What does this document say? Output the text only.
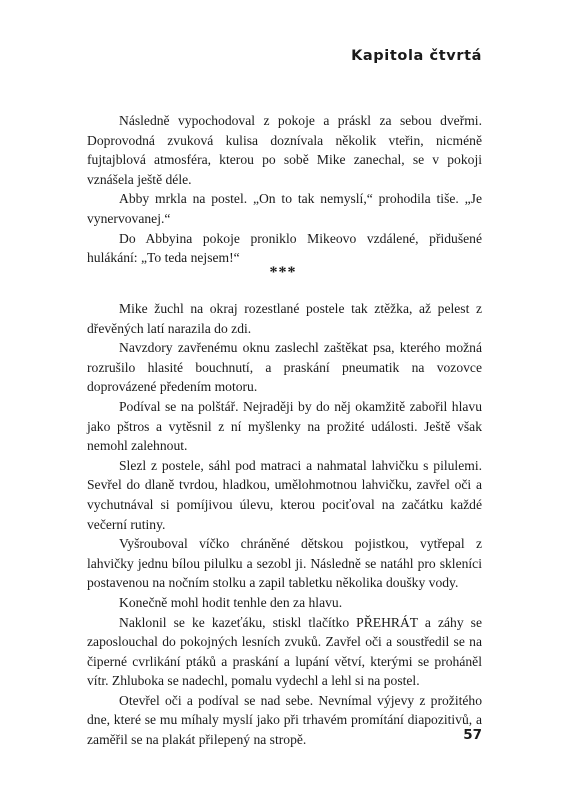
Kapitola čtvrtá

Následně vypochodoval z pokoje a práskl za sebou dveřmi. Doprovodná zvuková kulisa doznívala několik vteřin, nicméně fujtajblová atmosféra, kterou po sobě Mike zanechal, se v pokoji vznášela ještě déle.

Abby mrkla na postel. „On to tak nemyslí,“ prohodila tiše. „Je vynervovanej.“

Do Abbyina pokoje proniklo Mikeovo vzdálené, přidušené hulákání: „To teda nejsem!“

***

Mike žuchl na okraj rozestlané postele tak ztěžka, až pelest z dřevěných latí narazila do zdi.

Navzdory zavřenému oknu zaslechl zaštěkat psa, kterého možná rozrušilo hlasité bouchnutí, a praskání pneumatik na vozovce doprovázené předením motoru.

Podíval se na polštář. Nejraději by do něj okamžitě zabořil hlavu jako pštros a vytěsnil z ní myšlenky na prožité události. Ještě však nemohl zalehnout.

Slezl z postele, sáhl pod matraci a nahmatal lahvičku s pilulemi. Sevřel do dlaně tvrdou, hladkou, umělohmotnou lahvičku, zavřel oči a vychutnával si pomíjivou úlevu, kterou pociťoval na začátku každé večerní rutiny.

Vyšrouboval víčko chráněné dětskou pojistkou, vytřepal z lahvičky jednu bílou pilulku a sezobl ji. Následně se natáhl pro skleníci postavenou na nočním stolku a zapil tabletku několika doušky vody.

Konečně mohl hodit tenhle den za hlavu.

Naklonil se ke kazeťáku, stiskl tlačítko PŘEHRÁT a záhy se zaposlouchal do pokojných lesních zvuků. Zavřel oči a soustředil se na čiperné cvrlikání ptáků a praskání a lupání větví, kterými se proháněl vítr. Zhluboka se nadechl, pomalu vydechl a lehl si na postel.

Otevřel oči a podíval se nad sebe. Nevnímal výjevy z prožitého dne, které se mu míhaly myslí jako při trhavém promítání diapozitivů, a zaměřil se na plakát přilepený na stropě.	57
